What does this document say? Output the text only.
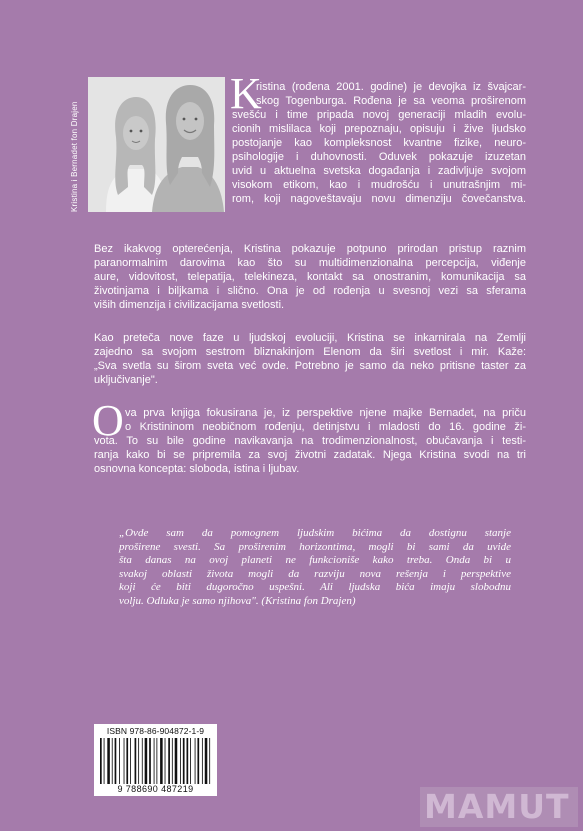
Kristina i Bernadet fon Drajen
K

ristina (rođena 2001. godine) je devojka iz švajcar-
skog Togenburga. Rođena je sa veoma proširenom
svešću i time pripada novoj generaciji mladih evolu-
cionih mislilaca koji prepoznaju, opisuju i žive ljudsko
postojanje kao kompleksnost kvantne fizike, neuro-
psihologije i duhovnosti. Oduvek pokazuje izuzetan
uvid u aktuelna svetska događanja i zadivljuje svojom
visokom etikom, kao i mudrošću i unutrašnjim mi-
rom, koji nagoveštavaju novu dimenziju čovečanstva.

Bez ikakvog opterećenja, Kristina pokazuje potpuno prirodan pristup raznim
paranormalnim darovima kao što su multidimenzionalna percepcija, viđenje
aure, vidovitost, telepatija, telekineza, kontakt sa onostranim, komunikacija sa
životinjama i biljkama i slično. Ona je od rođenja u svesnoj vezi sa sferama
viših dimenzija i civilizacijama svetlosti.

Kao preteča nove faze u ljudskoj evoluciji, Kristina se inkarnirala na Zemlji
zajedno sa svojom sestrom bliznakinjom Elenom da širi svetlost i mir. Kaže:
„Sva svetla su širom sveta već ovde. Potrebno je samo da neko pritisne taster za
uključivanje".

O va prva knjiga fokusirana je, iz perspektive njene majke Bernadet, na priču
o Kristininom neobičnom rođenju, detinjstvu i mladosti do 16. godine ži-
vota. To su bile godine navikavanja na trodimenzionalnost, obučavanja i testi-
ranja kako bi se pripremila za svoj životni zadatak. Njega Kristina svodi na tri
osnovna koncepta: sloboda, istina i ljubav.

„Ovde sam da pomognem ljudskim bićima da dostignu stanje
proširene svesti. Sa proširenim horizontima, mogli bi sami da uvide
šta danas na ovoj planeti ne funkcioniše kako treba. Onda bi u
svakoj oblasti života mogli da razviju nova rešenja i perspektive
koji će biti dugoročno uspešni. Ali ljudska bića imaju slobodnu
volju. Odluka je samo njihova". (Kristina fon Drajen)

ISBN 978-86-904872-1-9
9 788690 487219	MAMUT
